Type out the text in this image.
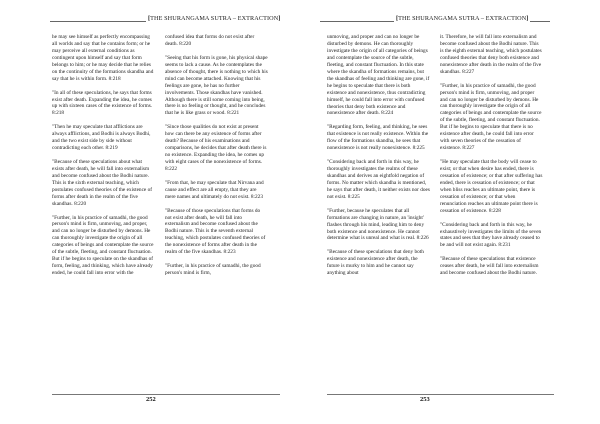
[THE SHURANGAMA SUTRA – EXTRACTION]

he may see himself as perfectly encompassing all worlds and say that he contains form; or he may perceive all external conditions as contingent upon himself and say that form belongs to him; or he may decide that he relies on the continuity of the formations skandha and say that he is within form. 8:218

"In all of these speculations, he says that forms exist after death. Expanding the idea, he comes up with sixteen cases of the existence of forms. 8:218

"Then he may speculate that afflictions are always afflictions, and Bodhi is always Bodhi, and the two exist side by side without contradicting each other. 8:219

"Because of these speculations about what exists after death, he will fall into externalism and become confused about the Bodhi nature. This is the sixth external teaching, which postulates confused theories of the existence of forms after death in the realm of the five skandhas. 8:220

"Further, in his practice of samadhi, the good person's mind is firm, unmoving, and proper, and can no longer be disturbed by demons. He can thoroughly investigate the origin of all categories of beings and contemplate the source of the subtle, fleeting, and constant fluctuation. But if he begins to speculate on the skandhas of form, feeling, and thinking, which have already ended, he could fall into error with the

confused idea that forms do not exist after death. 8:220

"Seeing that his form is gone, his physical shape seems to lack a cause. As he contemplates the absence of thought, there is nothing to which his mind can become attached. Knowing that his feelings are gone, he has no further involvements. Those skandhas have vanished. Although there is still some coming into being, there is no feeling or thought, and he concludes that he is like grass or wood. 8:221

"Since those qualities do not exist at present how can there be any existence of forms after death? Because of his examinations and comparisons, he decides that after death there is no existence. Expanding the idea, he comes up with eight cases of the nonexistence of forms. 8:222

"From that, he may speculate that Nirvana and cause and effect are all empty, that they are mere names and ultimately do not exist. 8:223

"Because of those speculations that forms do not exist after death, he will fall into externalism and become confused about the Bodhi nature. This is the seventh external teaching, which postulates confused theories of the nonexistence of forms after death in the realm of the five skandhas. 8:223

"Further, in his practice of samadhi, the good person's mind is firm,

252
[THE SHURANGAMA SUTRA – EXTRACTION]

unmoving, and proper and can no longer be disturbed by demons. He can thoroughly investigate the origin of all categories of beings and contemplate the source of the subtle, fleeting, and constant fluctuation. In this state where the skandha of formations remains, but the skandhas of feeling and thinking are gone, if he begins to speculate that there is both existence and nonexistence, thus contradicting himself, he could fall into error with confused theories that deny both existence and nonexistence after death. 8:224

"Regarding form, feeling, and thinking, he sees that existence is not really existence. Within the flow of the formations skandha, he sees that nonexistence is not really nonexistence. 8:225

"Considering back and forth in this way, he thoroughly investigates the realms of these skandhas and derives an eightfold negation of forms. No matter which skandha is mentioned, he says that after death, it neither exists nor does not exist. 8:225

"Further, because he speculates that all formations are changing in nature, an 'insight' flashes through his mind, leading him to deny both existence and nonexistence. He cannot determine what is unreal and what is real. 8:226

"Because of these speculations that deny both existence and nonexistence after death, the future is murky to him and he cannot say anything about

it. Therefore, he will fall into externalism and become confused about the Bodhi nature. This is the eighth external teaching, which postulates confused theories that deny both existence and nonexistence after death in the realm of the five skandhas. 8:227

"Further, in his practice of samadhi, the good person's mind is firm, unmoving, and proper and can no longer be disturbed by demons. He can thoroughly investigate the origin of all categories of beings and contemplate the source of the subtle, fleeting, and constant fluctuation. But if he begins to speculate that there is no existence after death, he could fall into error with seven theories of the cessation of existence. 8:227

"He may speculate that the body will cease to exist; or that when desire has ended, there is cessation of existence; or that after suffering has ended, there is cessation of existence; or that when bliss reaches an ultimate point, there is cessation of existence; or that when renunciation reaches an ultimate point there is cessation of existence. 8:228

"Considering back and forth in this way, he exhaustively investigates the limits of the seven states and sees that they have already ceased to be and will not exist again. 8:231

"Because of these speculations that existence ceases after death, he will fall into externalism and become confused about the Bodhi nature.

253
